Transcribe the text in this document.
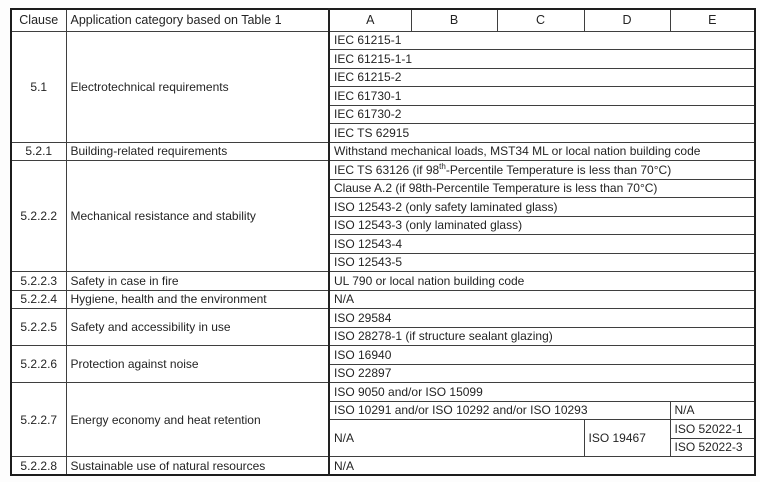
Clause	Application category based on Table 1	A	B	C	D	E
5.1	Electrotechnical requirements	IEC 61215-1				
		IEC 61215-1-1				
		IEC 61215-2				
		IEC 61730-1				
		IEC 61730-2				
		IEC TS 62915				
5.2.1	Building-related requirements	Withstand mechanical loads, MST34 ML or local nation building code				
5.2.2.2	Mechanical resistance and stability	IEC TS 63126 (if 98th-Percentile Temperature is less than 70°C)				
		Clause A.2 (if 98th-Percentile Temperature is less than 70°C)				
		ISO 12543-2 (only safety laminated glass)				
		ISO 12543-3 (only laminated glass)				
		ISO 12543-4				
		ISO 12543-5				
5.2.2.3	Safety in case in fire	UL 790 or local nation building code				
5.2.2.4	Hygiene, health and the environment	N/A				
5.2.2.5	Safety and accessibility in use	ISO 29584				
		ISO 28278-1 (if structure sealant glazing)				
5.2.2.6	Protection against noise	ISO 16940				
		ISO 22897				
5.2.2.7	Energy economy and heat retention	ISO 9050 and/or ISO 15099				
		ISO 10291 and/or ISO 10292 and/or ISO 10293				N/A
		N/A			ISO 19467	ISO 52022-1
						ISO 52022-3
5.2.2.8	Sustainable use of natural resources	N/A				
